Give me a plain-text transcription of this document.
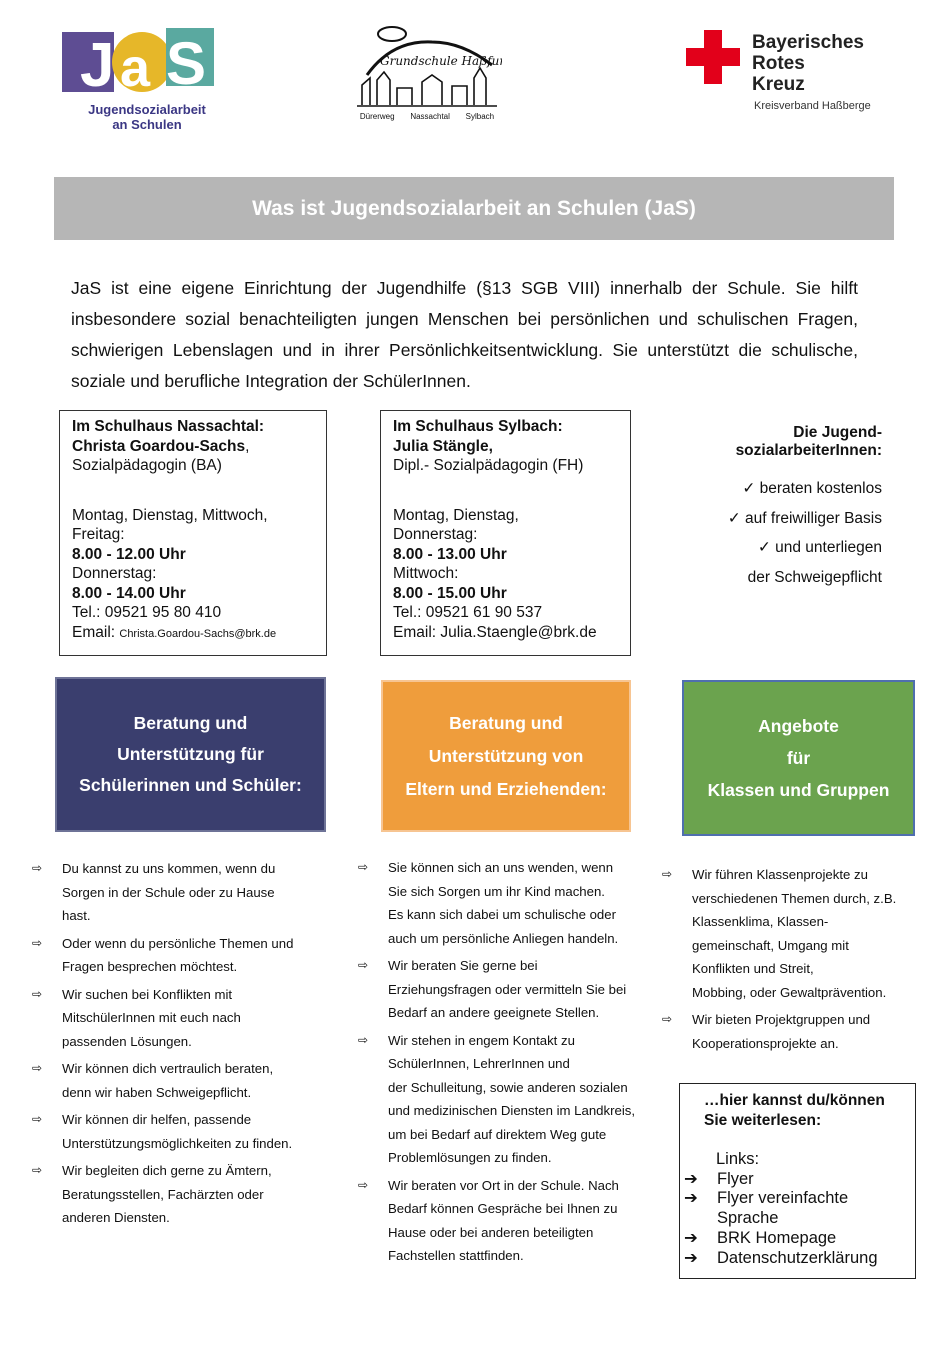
J a S
Jugendsozialarbeit
an Schulen
Grundschule Haßfurt
Dürerweg Nassachtal Sylbach
Bayerisches
Rotes
Kreuz
Kreisverband Haßberge
Was ist Jugendsozialarbeit an Schulen (JaS)
JaS ist eine eigene Einrichtung der Jugendhilfe (§13 SGB VIII) innerhalb der Schule. Sie hilft insbesondere sozial benachteiligten jungen Menschen bei persönlichen und schulischen Fragen, schwierigen Lebenslagen und in ihrer Persönlichkeitsentwicklung. Sie unterstützt die schulische, soziale und berufliche Integration der SchülerInnen.
Im Schulhaus Nassachtal:
Christa Goardou-Sachs,
Sozialpädagogin (BA)
Montag, Dienstag, Mittwoch,
Freitag:
8.00 - 12.00 Uhr
Donnerstag:
8.00 - 14.00 Uhr
Tel.: 09521 95 80 410
Email: Christa.Goardou-Sachs@brk.de
Im Schulhaus Sylbach:
Julia Stängle,
Dipl.- Sozialpädagogin (FH)
Montag, Dienstag,
Donnerstag:
8.00 - 13.00 Uhr
Mittwoch:
8.00 - 15.00 Uhr
Tel.: 09521 61 90 537
Email: Julia.Staengle@brk.de
Die Jugend-
sozialarbeiterInnen:
✓ beraten kostenlos
✓ auf freiwilliger Basis
✓ und unterliegen
der Schweigepflicht
Beratung und
Unterstützung für
Schülerinnen und Schüler:
Beratung und
Unterstützung von
Eltern und Erziehenden:
Angebote
für
Klassen und Gruppen
⇨ Du kannst zu uns kommen, wenn du
Sorgen in der Schule oder zu Hause
hast.
⇨ Oder wenn du persönliche Themen und
Fragen besprechen möchtest.
⇨ Wir suchen bei Konflikten mit
MitschülerInnen mit euch nach
passenden Lösungen.
⇨ Wir können dich vertraulich beraten,
denn wir haben Schweigepflicht.
⇨ Wir können dir helfen, passende
Unterstützungsmöglichkeiten zu finden.
⇨ Wir begleiten dich gerne zu Ämtern,
Beratungsstellen, Fachärzten oder
anderen Diensten.
⇨ Sie können sich an uns wenden, wenn
Sie sich Sorgen um ihr Kind machen.
Es kann sich dabei um schulische oder
auch um persönliche Anliegen handeln.
⇨ Wir beraten Sie gerne bei
Erziehungsfragen oder vermitteln Sie bei
Bedarf an andere geeignete Stellen.
⇨ Wir stehen in engem Kontakt zu
SchülerInnen, LehrerInnen und
der Schulleitung, sowie anderen sozialen
und medizinischen Diensten im Landkreis,
um bei Bedarf auf direktem Weg gute
Problemlösungen zu finden.
⇨ Wir beraten vor Ort in der Schule. Nach
Bedarf können Gespräche bei Ihnen zu
Hause oder bei anderen beteiligten
Fachstellen stattfinden.
⇨ Wir führen Klassenprojekte zu
verschiedenen Themen durch, z.B.
Klassenklima, Klassen-
gemeinschaft, Umgang mit
Konflikten und Streit,
Mobbing, oder Gewaltprävention.
⇨ Wir bieten Projektgruppen und
Kooperationsprojekte an.
…hier kannst du/können
Sie weiterlesen:
Links:
➔ Flyer
➔ Flyer vereinfachte
Sprache
➔ BRK Homepage
➔ Datenschutzerklärung
